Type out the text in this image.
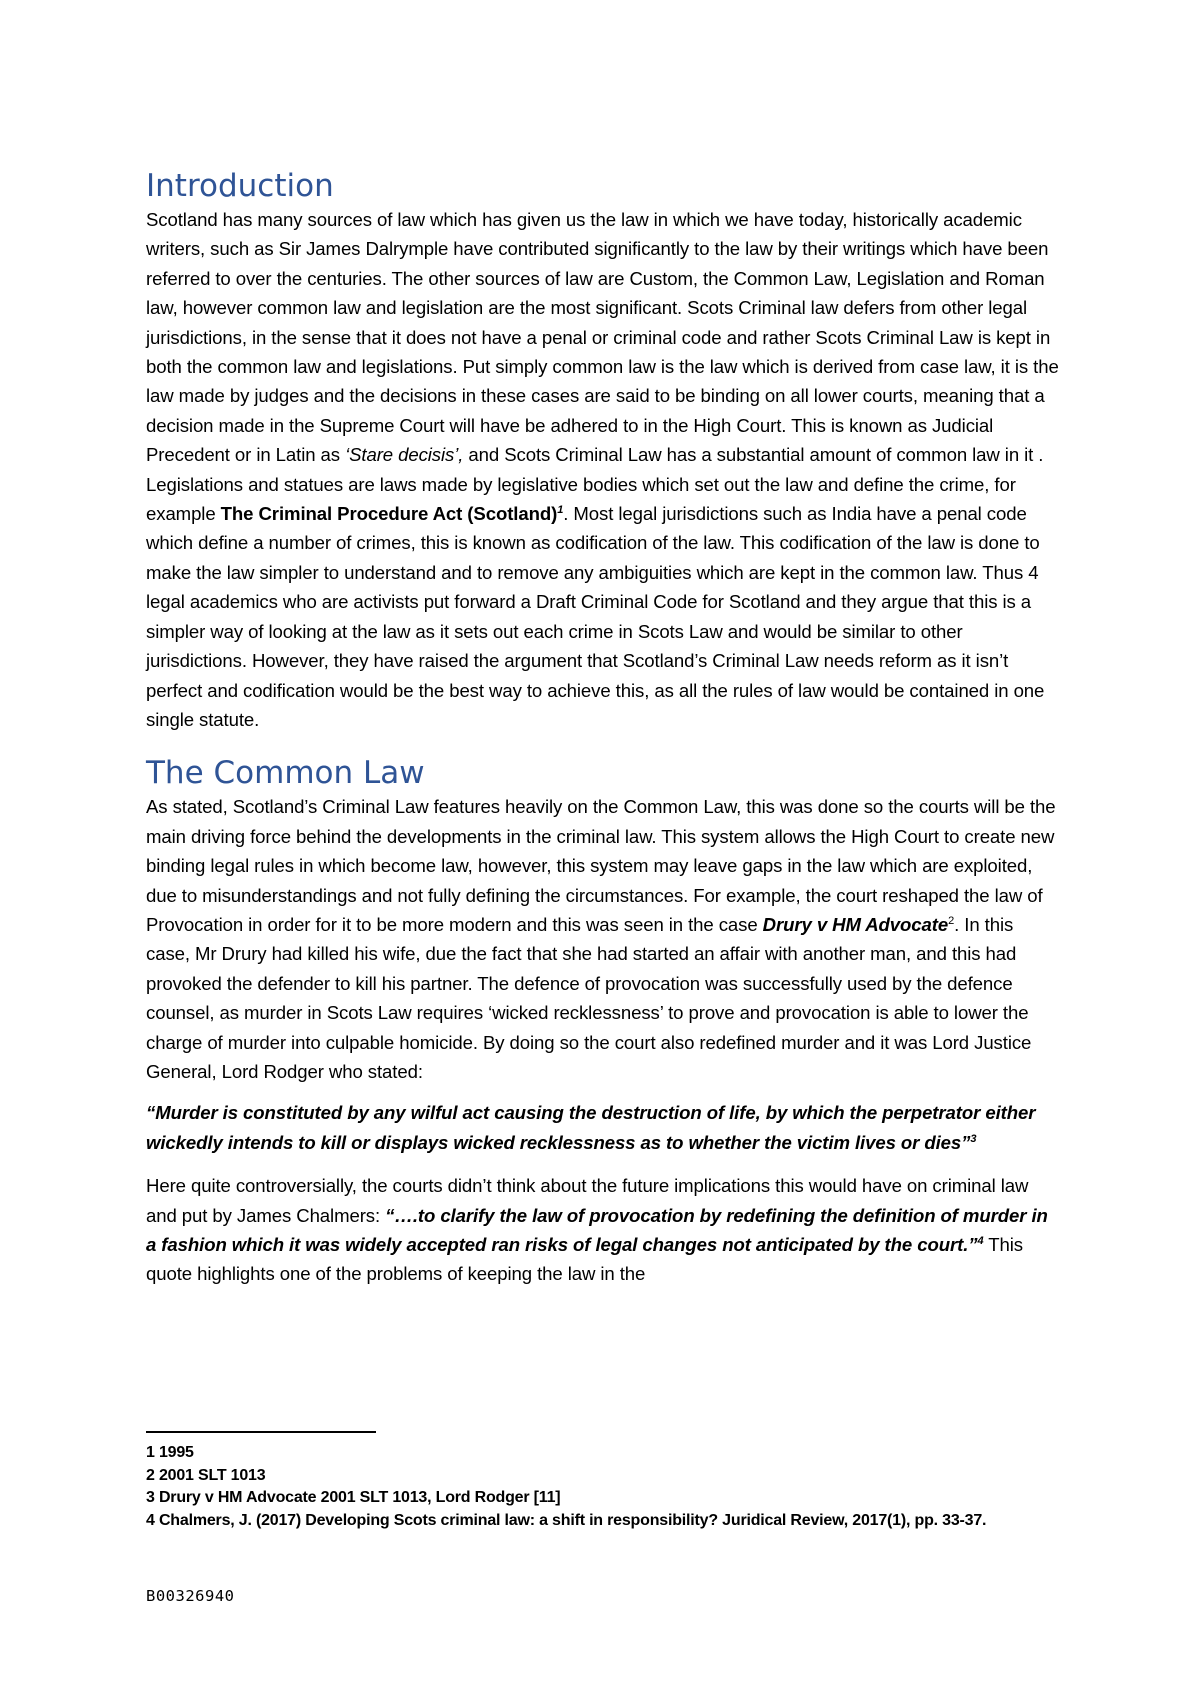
Introduction

Scotland has many sources of law which has given us the law in which we have today, historically academic writers, such as Sir James Dalrymple have contributed significantly to the law by their writings which have been referred to over the centuries. The other sources of law are Custom, the Common Law, Legislation and Roman law, however common law and legislation are the most significant. Scots Criminal law defers from other legal jurisdictions, in the sense that it does not have a penal or criminal code and rather Scots Criminal Law is kept in both the common law and legislations. Put simply common law is the law which is derived from case law, it is the law made by judges and the decisions in these cases are said to be binding on all lower courts, meaning that a decision made in the Supreme Court will have be adhered to in the High Court. This is known as Judicial Precedent or in Latin as ‘Stare decisis’, and Scots Criminal Law has a substantial amount of common law in it . Legislations and statues are laws made by legislative bodies which set out the law and define the crime, for example The Criminal Procedure Act (Scotland)$^1$. Most legal jurisdictions such as India have a penal code which define a number of crimes, this is known as codification of the law. This codification of the law is done to make the law simpler to understand and to remove any ambiguities which are kept in the common law. Thus 4 legal academics who are activists put forward a Draft Criminal Code for Scotland and they argue that this is a simpler way of looking at the law as it sets out each crime in Scots Law and would be similar to other jurisdictions. However, they have raised the argument that Scotland’s Criminal Law needs reform as it isn’t perfect and codification would be the best way to achieve this, as all the rules of law would be contained in one single statute.

The Common Law

As stated, Scotland’s Criminal Law features heavily on the Common Law, this was done so the courts will be the main driving force behind the developments in the criminal law. This system allows the High Court to create new binding legal rules in which become law, however, this system may leave gaps in the law which are exploited, due to misunderstandings and not fully defining the circumstances. For example, the court reshaped the law of Provocation in order for it to be more modern and this was seen in the case Drury v HM Advocate$^2$. In this case, Mr Drury had killed his wife, due the fact that she had started an affair with another man, and this had provoked the defender to kill his partner. The defence of provocation was successfully used by the defence counsel, as murder in Scots Law requires ‘wicked recklessness’ to prove and provocation is able to lower the charge of murder into culpable homicide. By doing so the court also redefined murder and it was Lord Justice General, Lord Rodger who stated:

“Murder is constituted by any wilful act causing the destruction of life, by which the perpetrator either wickedly intends to kill or displays wicked recklessness as to whether the victim lives or dies”$^3$

Here quite controversially, the courts didn’t think about the future implications this would have on criminal law and put by James Chalmers: “….to clarify the law of provocation by redefining the definition of murder in a fashion which it was widely accepted ran risks of legal changes not anticipated by the court.”$^4$ This quote highlights one of the problems of keeping the law in the

1 1995

2 2001 SLT 1013

3 Drury v HM Advocate 2001 SLT 1013, Lord Rodger [11]

4 Chalmers, J. (2017) Developing Scots criminal law: a shift in responsibility? Juridical Review, 2017(1), pp. 33-37.

B00326940
